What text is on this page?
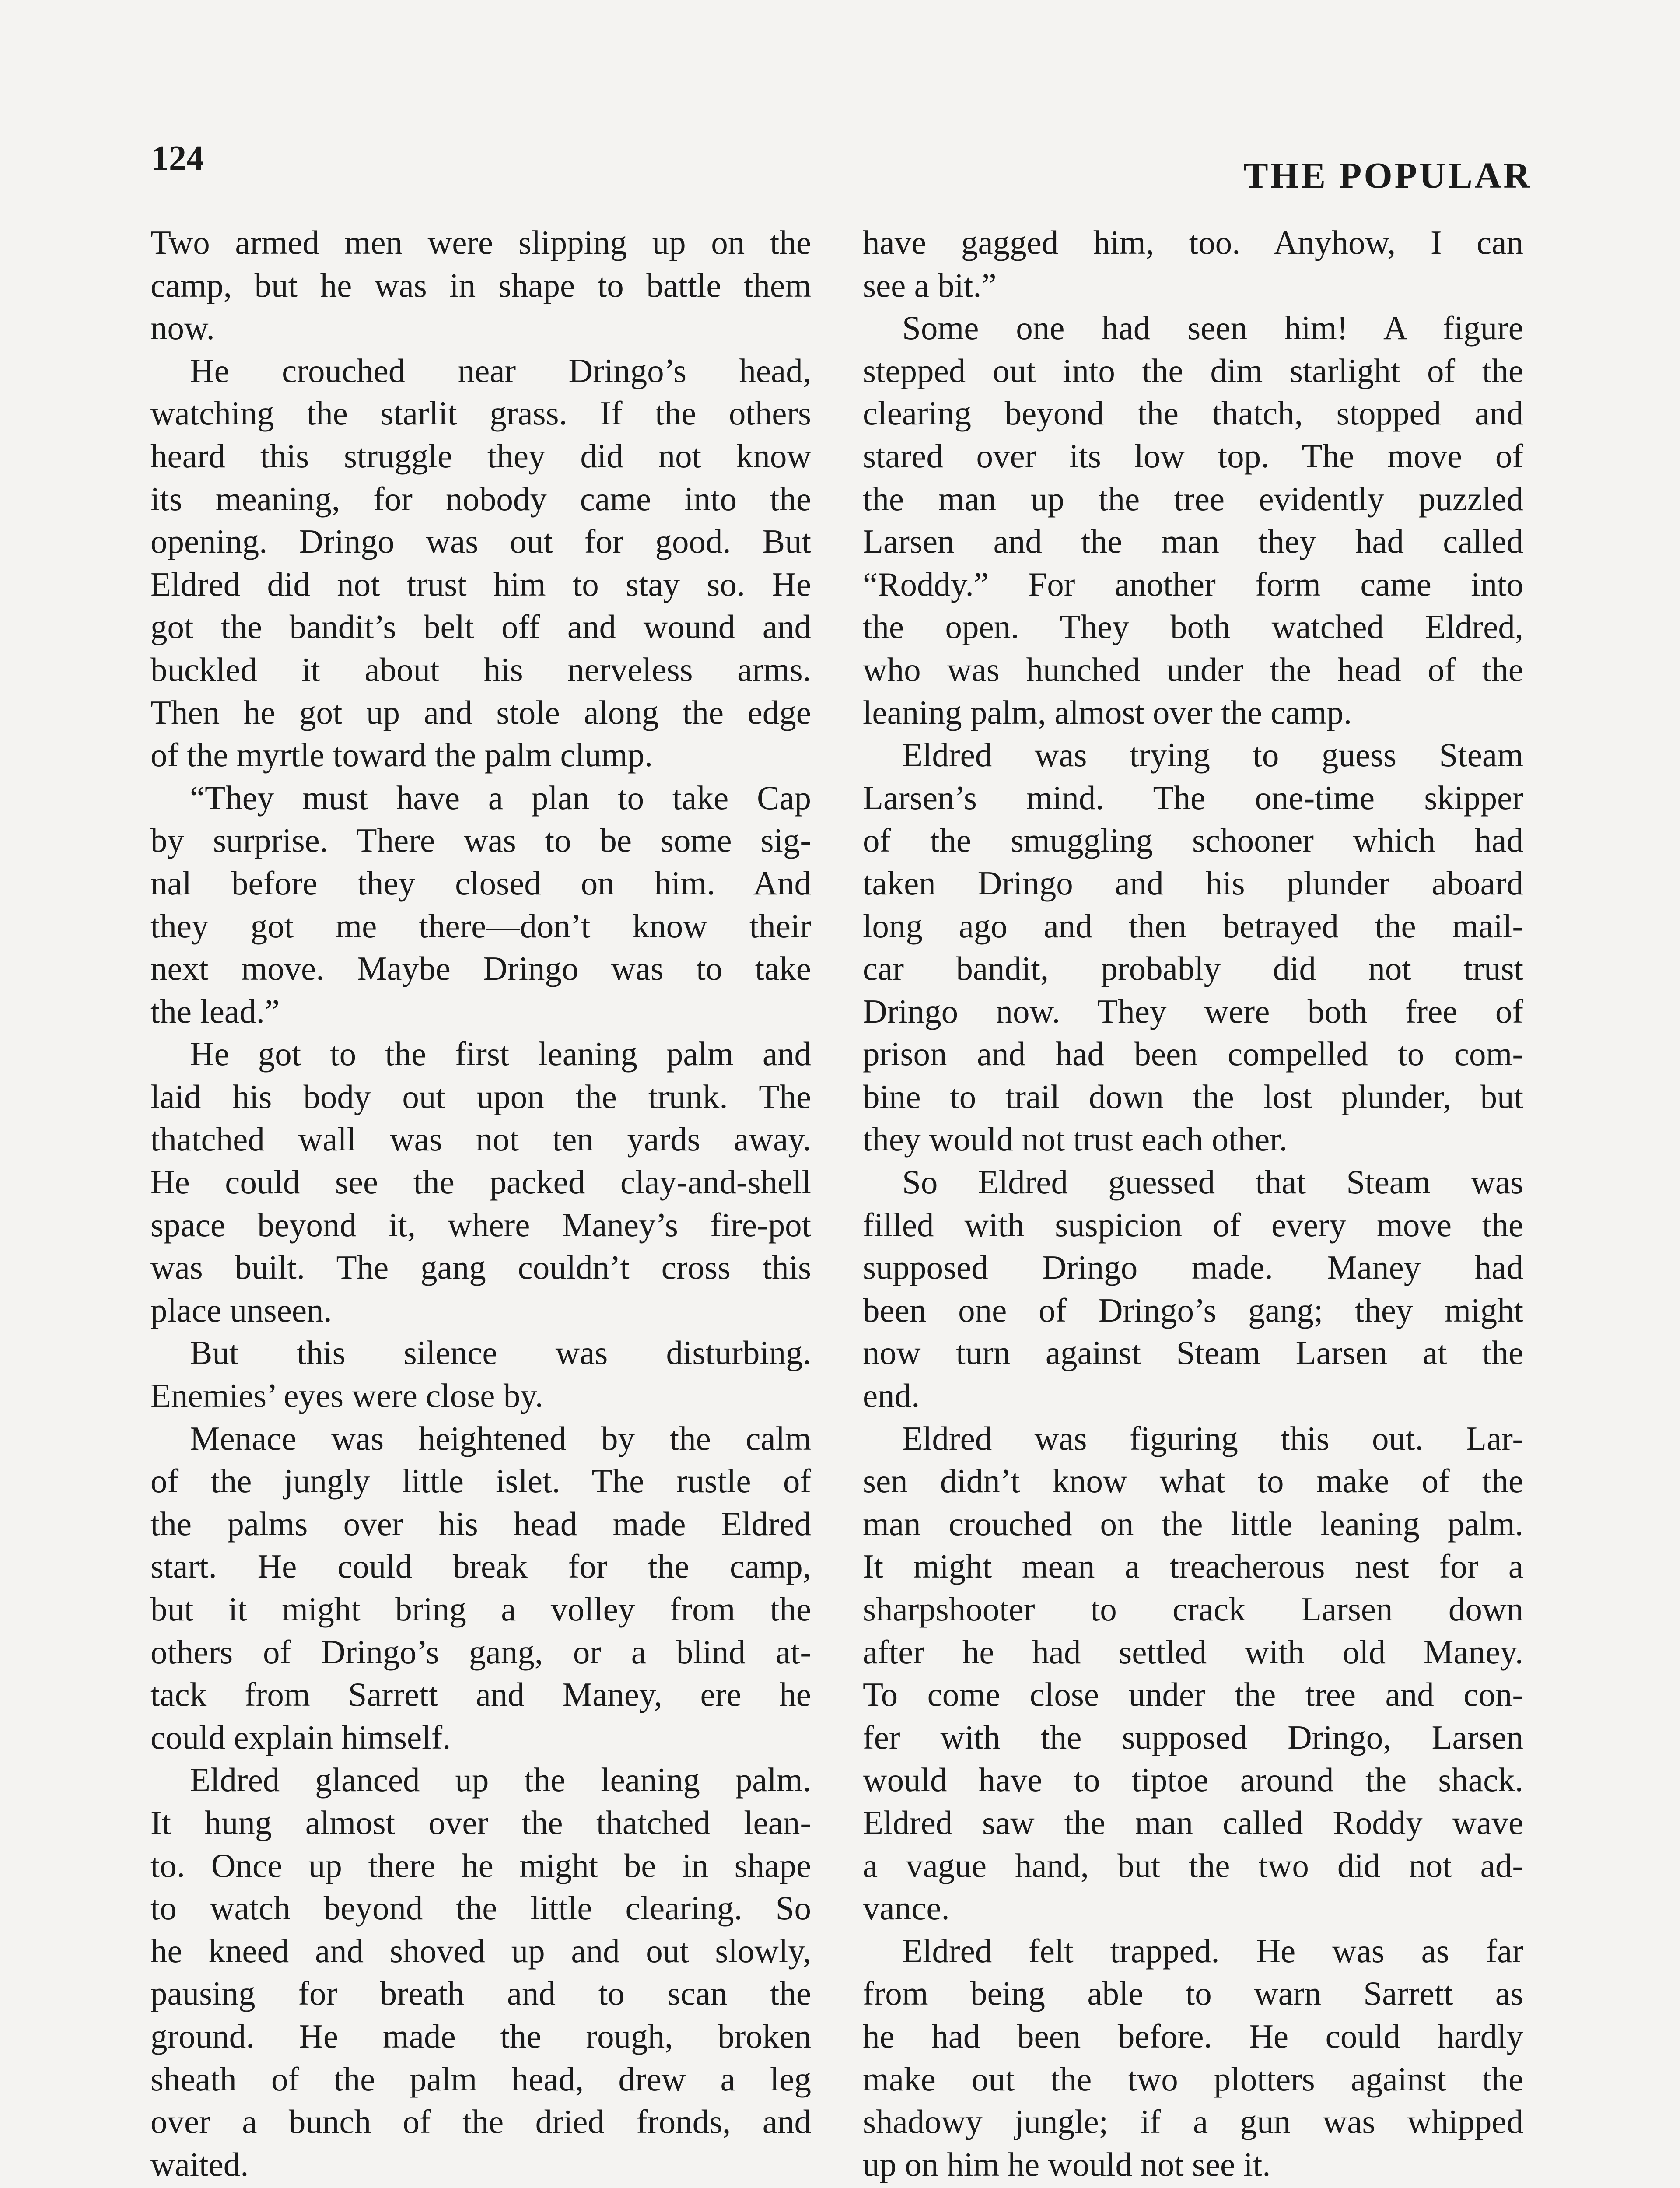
124	THE POPULAR
Two armed men were slipping up on the
camp, but he was in shape to battle them
now.
He crouched near Dringo’s head,
watching the starlit grass. If the others
heard this struggle they did not know
its meaning, for nobody came into the
opening. Dringo was out for good. But
Eldred did not trust him to stay so. He
got the bandit’s belt off and wound and
buckled it about his nerveless arms.
Then he got up and stole along the edge
of the myrtle toward the palm clump.
“They must have a plan to take Cap
by surprise. There was to be some sig-
nal before they closed on him. And
they got me there—don’t know their
next move. Maybe Dringo was to take
the lead.”
He got to the first leaning palm and
laid his body out upon the trunk. The
thatched wall was not ten yards away.
He could see the packed clay-and-shell
space beyond it, where Maney’s fire-pot
was built. The gang couldn’t cross this
place unseen.
But this silence was disturbing.
Enemies’ eyes were close by.
Menace was heightened by the calm
of the jungly little islet. The rustle of
the palms over his head made Eldred
start. He could break for the camp,
but it might bring a volley from the
others of Dringo’s gang, or a blind at-
tack from Sarrett and Maney, ere he
could explain himself.
Eldred glanced up the leaning palm.
It hung almost over the thatched lean-
to. Once up there he might be in shape
to watch beyond the little clearing. So
he kneed and shoved up and out slowly,
pausing for breath and to scan the
ground. He made the rough, broken
sheath of the palm head, drew a leg
over a bunch of the dried fronds, and
waited.
have gagged him, too. Anyhow, I can
see a bit.”
Some one had seen him! A figure
stepped out into the dim starlight of the
clearing beyond the thatch, stopped and
stared over its low top. The move of
the man up the tree evidently puzzled
Larsen and the man they had called
“Roddy.” For another form came into
the open. They both watched Eldred,
who was hunched under the head of the
leaning palm, almost over the camp.
Eldred was trying to guess Steam
Larsen’s mind. The one-time skipper
of the smuggling schooner which had
taken Dringo and his plunder aboard
long ago and then betrayed the mail-
car bandit, probably did not trust
Dringo now. They were both free of
prison and had been compelled to com-
bine to trail down the lost plunder, but
they would not trust each other.
So Eldred guessed that Steam was
filled with suspicion of every move the
supposed Dringo made. Maney had
been one of Dringo’s gang; they might
now turn against Steam Larsen at the
end.
Eldred was figuring this out. Lar-
sen didn’t know what to make of the
man crouched on the little leaning palm.
It might mean a treacherous nest for a
sharpshooter to crack Larsen down
after he had settled with old Maney.
To come close under the tree and con-
fer with the supposed Dringo, Larsen
would have to tiptoe around the shack.
Eldred saw the man called Roddy wave
a vague hand, but the two did not ad-
vance.
Eldred felt trapped. He was as far
from being able to warn Sarrett as
he had been before. He could hardly
make out the two plotters against the
shadowy jungle; if a gun was whipped
up on him he would not see it.
